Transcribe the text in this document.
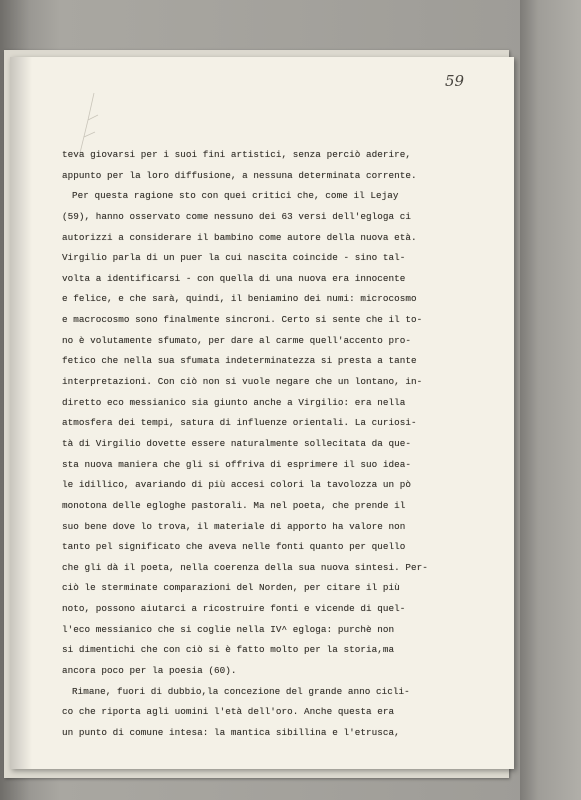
59
teva giovarsi per i suoi fini artistici, senza perciò aderire,
appunto per la loro diffusione, a nessuna determinata corrente.
Per questa ragione sto con quei critici che, come il Lejay
(59), hanno osservato come nessuno dei 63 versi dell'egloga ci
autorizzi a considerare il bambino come autore della nuova età.
Virgilio parla di un puer la cui nascita coincide - sino tal-
volta a identificarsi - con quella di una nuova era innocente
e felice, e che sarà, quindi, il beniamino dei numi: microcosmo
e macrocosmo sono finalmente sincroni. Certo si sente che il to-
no è volutamente sfumato, per dare al carme quell'accento pro-
fetico che nella sua sfumata indeterminatezza si presta a tante
interpretazioni. Con ciò non si vuole negare che un lontano, in-
diretto eco messianico sia giunto anche a Virgilio: era nella
atmosfera dei tempi, satura di influenze orientali. La curiosi-
tà di Virgilio dovette essere naturalmente sollecitata da que-
sta nuova maniera che gli si offriva di esprimere il suo idea-
le idillico, avariando di più accesi colori la tavolozza un pò
monotona delle egloghe pastorali. Ma nel poeta, che prende il
suo bene dove lo trova, il materiale di apporto ha valore non
tanto pel significato che aveva nelle fonti quanto per quello
che gli dà il poeta, nella coerenza della sua nuova sintesi. Per-
ciò le sterminate comparazioni del Norden, per citare il più
noto, possono aiutarci a ricostruire fonti e vicende di quel-
l'eco messianico che si coglie nella IV^ egloga: purchè non
si dimentichi che con ciò si è fatto molto per la storia,ma
ancora poco per la poesia (60).
Rimane, fuori di dubbio,la concezione del grande anno cicli-
co che riporta agli uomini l'età dell'oro. Anche questa era
un punto di comune intesa: la mantica sibillina e l'etrusca,
